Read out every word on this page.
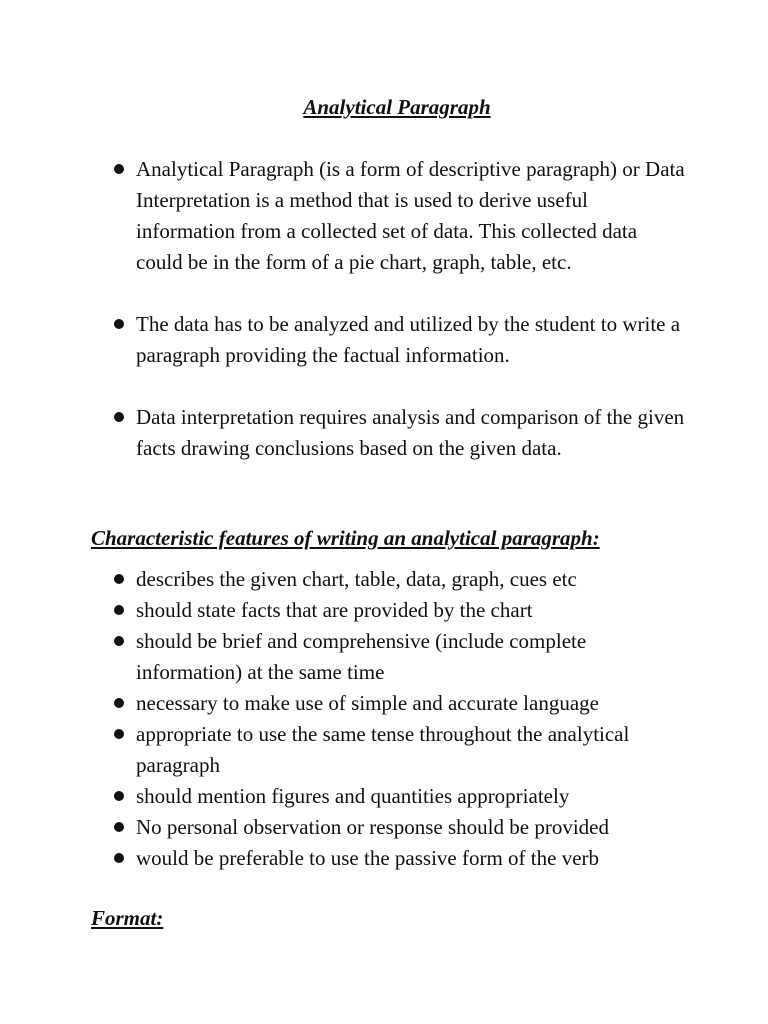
Analytical Paragraph
Analytical Paragraph (is a form of descriptive paragraph) or Data Interpretation is a method that is used to derive useful information from a collected set of data. This collected data could be in the form of a pie chart, graph, table, etc.
The data has to be analyzed and utilized by the student to write a paragraph providing the factual information.
Data interpretation requires analysis and comparison of the given facts drawing conclusions based on the given data.
Characteristic features of writing an analytical paragraph:
describes the given chart, table, data, graph, cues etc
should state facts that are provided by the chart
should be brief and comprehensive (include complete information) at the same time
necessary to make use of simple and accurate language
appropriate to use the same tense throughout the analytical paragraph
should mention figures and quantities appropriately
No personal observation or response should be provided
would be preferable to use the passive form of the verb
Format:
